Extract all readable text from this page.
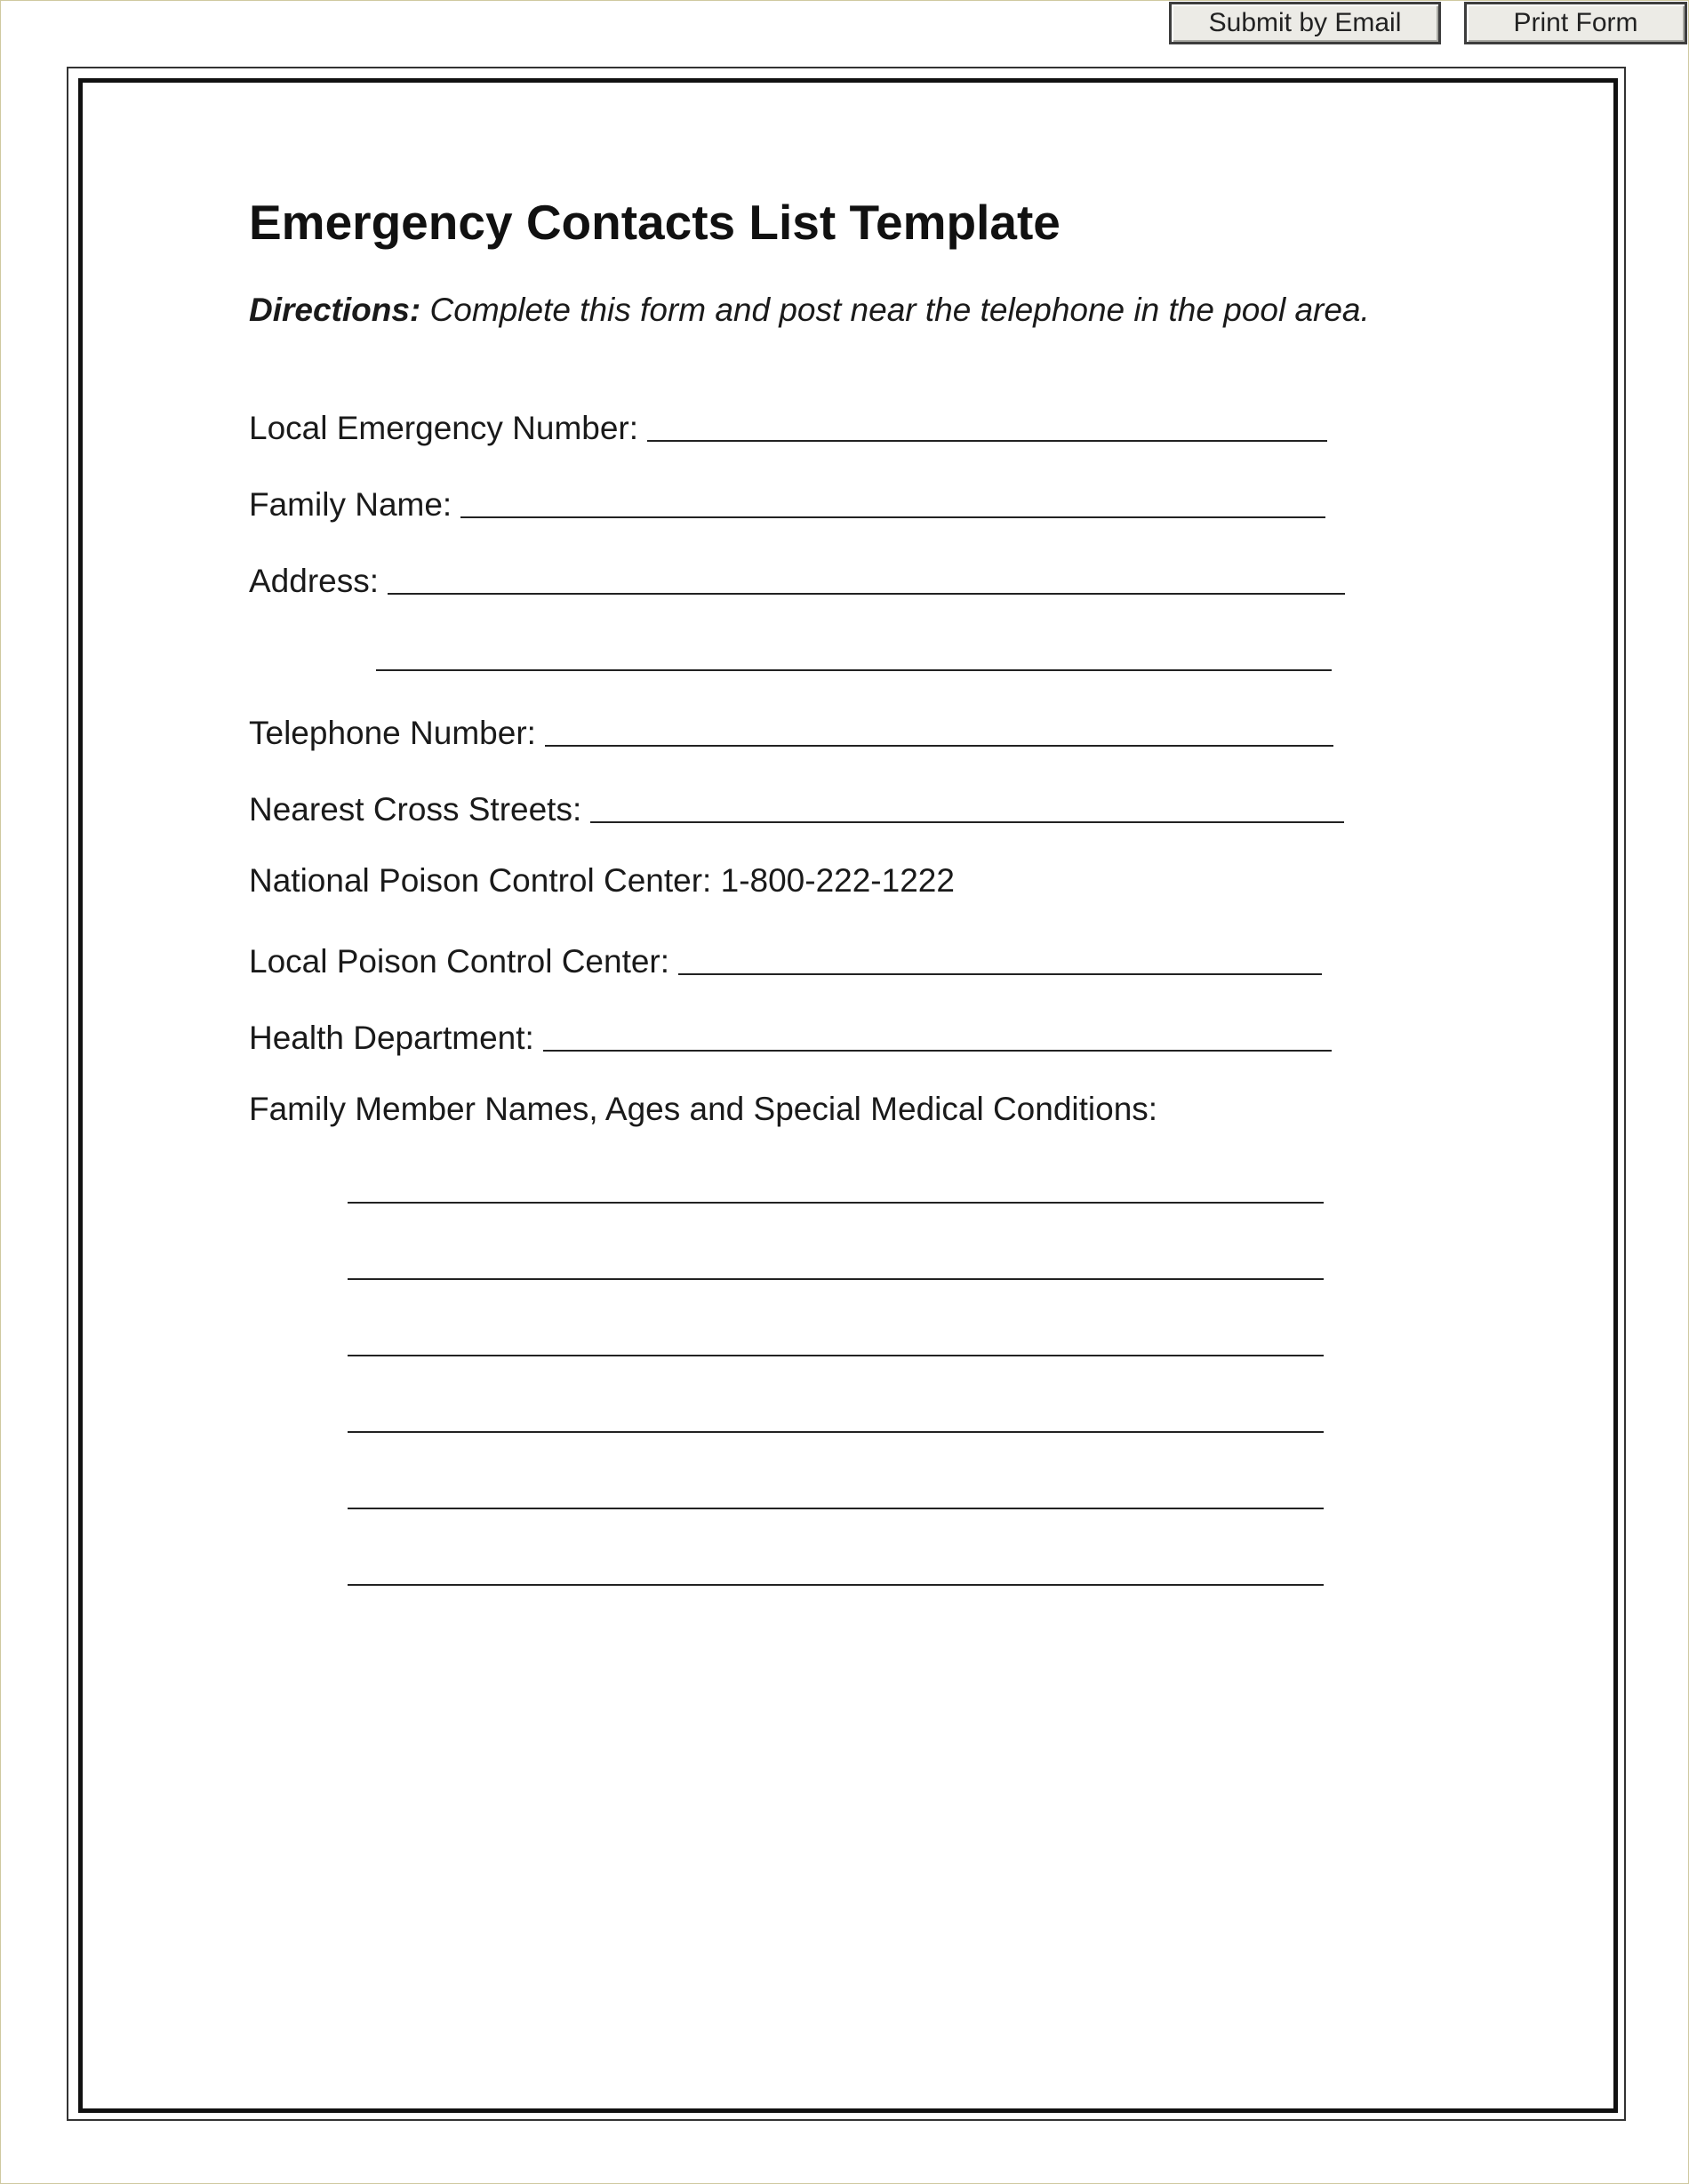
Submit by Email	Print Form
Emergency Contacts List Template
Directions: Complete this form and post near the telephone in the pool area.
Local Emergency Number:
Family Name:
Address:
Telephone Number:
Nearest Cross Streets:
National Poison Control Center: 1-800-222-1222
Local Poison Control Center:
Health Department:
Family Member Names, Ages and Special Medical Conditions:
